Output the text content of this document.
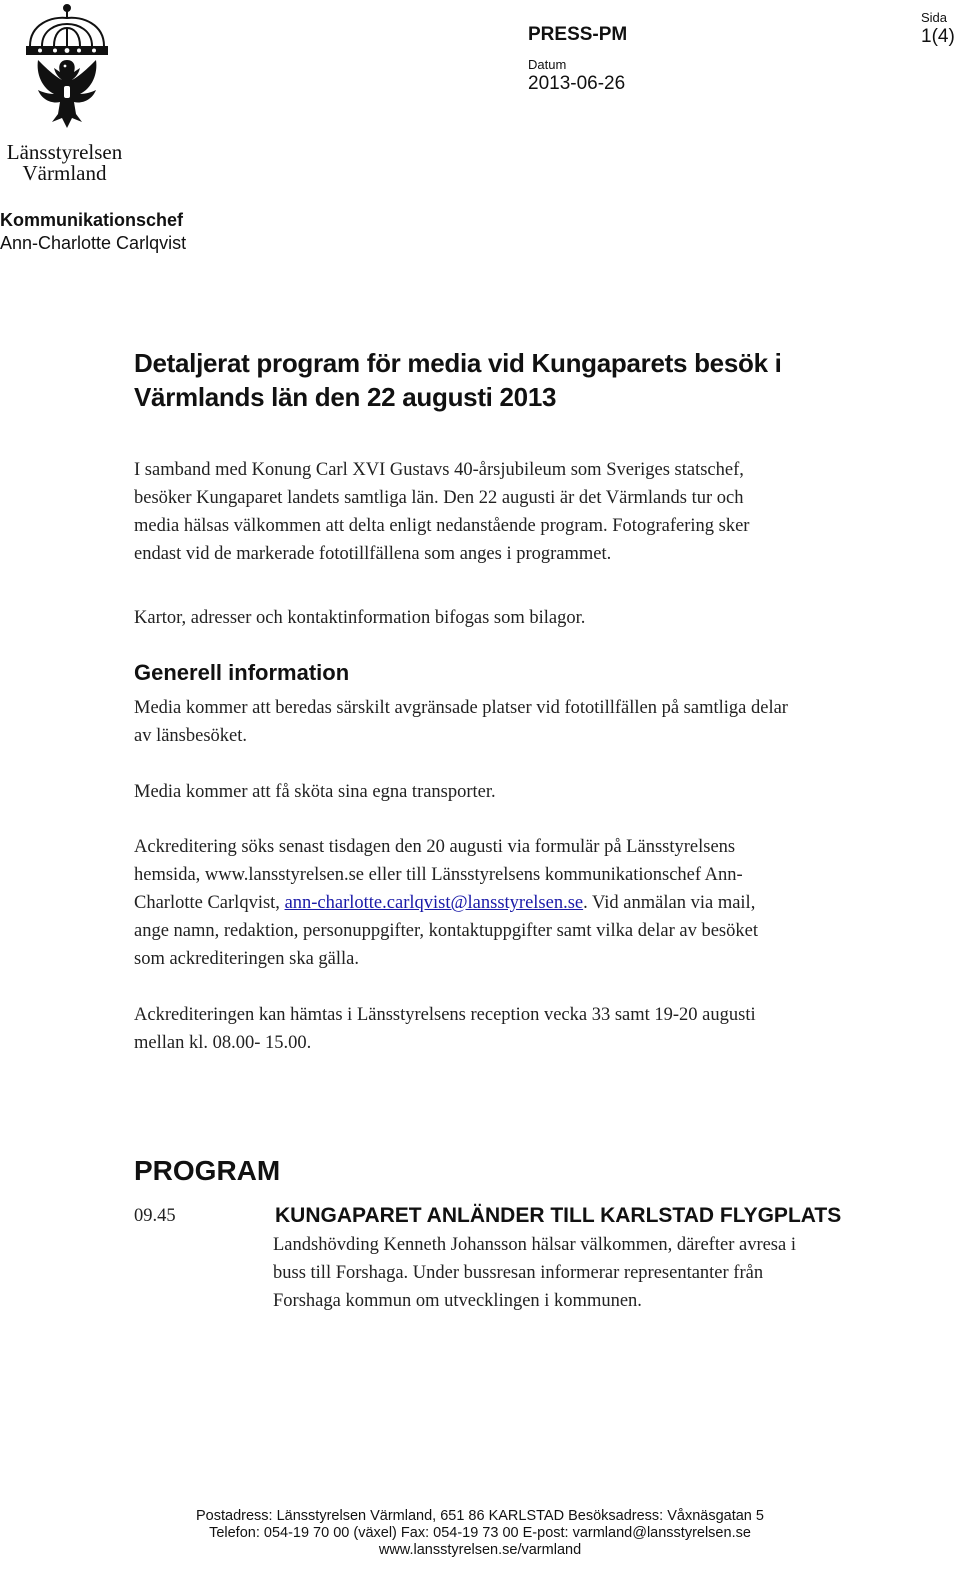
Länsstyrelsen
Värmland
PRESS-PM
Datum
2013-06-26
Sida
1(4)
Kommunikationschef
Ann-Charlotte Carlqvist
Detaljerat program för media vid Kungaparets besök i
Värmlands län den 22 augusti 2013
I samband med Konung Carl XVI Gustavs 40-årsjubileum som Sveriges statschef,
besöker Kungaparet landets samtliga län. Den 22 augusti är det Värmlands tur och
media hälsas välkommen att delta enligt nedanstående program. Fotografering sker
endast vid de markerade fototillfällena som anges i programmet.
Kartor, adresser och kontaktinformation bifogas som bilagor.
Generell information
Media kommer att beredas särskilt avgränsade platser vid fototillfällen på samtliga delar
av länsbesöket.
Media kommer att få sköta sina egna transporter.
Ackreditering söks senast tisdagen den 20 augusti via formulär på Länsstyrelsens
hemsida, www.lansstyrelsen.se eller till Länsstyrelsens kommunikationschef Ann-
Charlotte Carlqvist, ann-charlotte.carlqvist@lansstyrelsen.se. Vid anmälan via mail,
ange namn, redaktion, personuppgifter, kontaktuppgifter samt vilka delar av besöket
som ackrediteringen ska gälla.
Ackrediteringen kan hämtas i Länsstyrelsens reception vecka 33 samt 19-20 augusti
mellan kl. 08.00- 15.00.
PROGRAM
09.45	KUNGAPARET ANLÄNDER TILL KARLSTAD FLYGPLATS
Landshövding Kenneth Johansson hälsar välkommen, därefter avresa i
buss till Forshaga. Under bussresan informerar representanter från
Forshaga kommun om utvecklingen i kommunen.
Postadress: Länsstyrelsen Värmland, 651 86 KARLSTAD Besöksadress: Våxnäsgatan 5
Telefon: 054-19 70 00 (växel) Fax: 054-19 73 00 E-post: varmland@lansstyrelsen.se
www.lansstyrelsen.se/varmland
